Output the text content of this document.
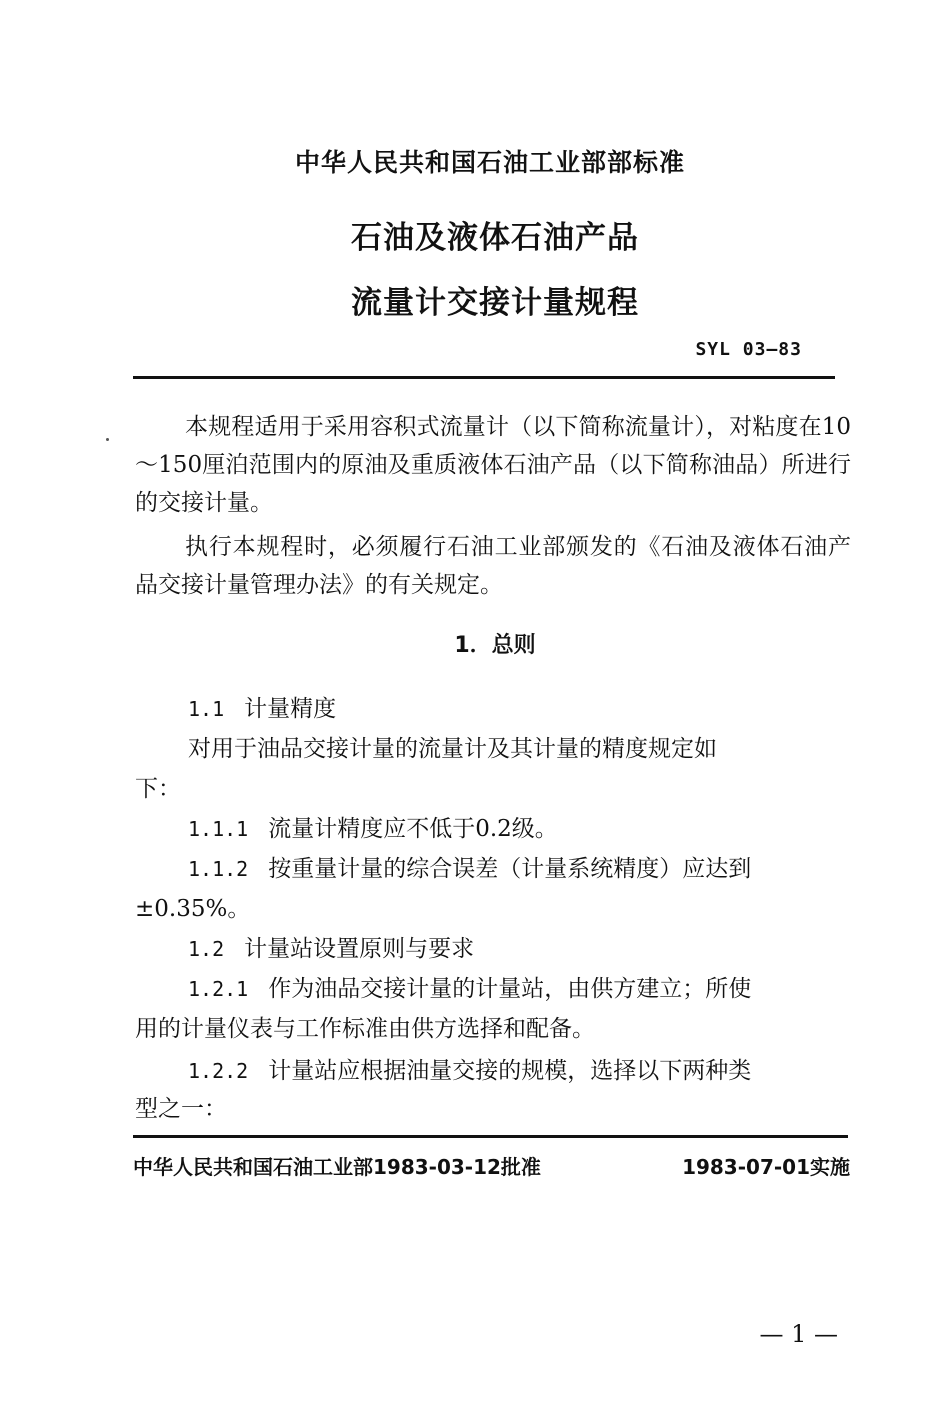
中华人民共和国石油工业部部标准
石油及液体石油产品
流量计交接计量规程
SYL 03—83

本规程适用于采用容积式流量计（以下简称流量计），对粘度在10～150厘泊范围内的原油及重质液体石油产品（以下简称油品）所进行的交接计量。

执行本规程时，必须履行石油工业部颁发的《石油及液体石油产品交接计量管理办法》的有关规定。

1．总则
1.1 计量精度
对用于油品交接计量的流量计及其计量的精度规定如
下：
1.1.1 流量计精度应不低于0.2级。
1.1.2 按重量计量的综合误差（计量系统精度）应达到
±0.35%。
1.2 计量站设置原则与要求
1.2.1 作为油品交接计量的计量站，由供方建立；所使
用的计量仪表与工作标准由供方选择和配备。
1.2.2 计量站应根据油量交接的规模，选择以下两种类
型之一：
中华人民共和国石油工业部1983-03-12批准	1983-07-01实施
— 1 —
